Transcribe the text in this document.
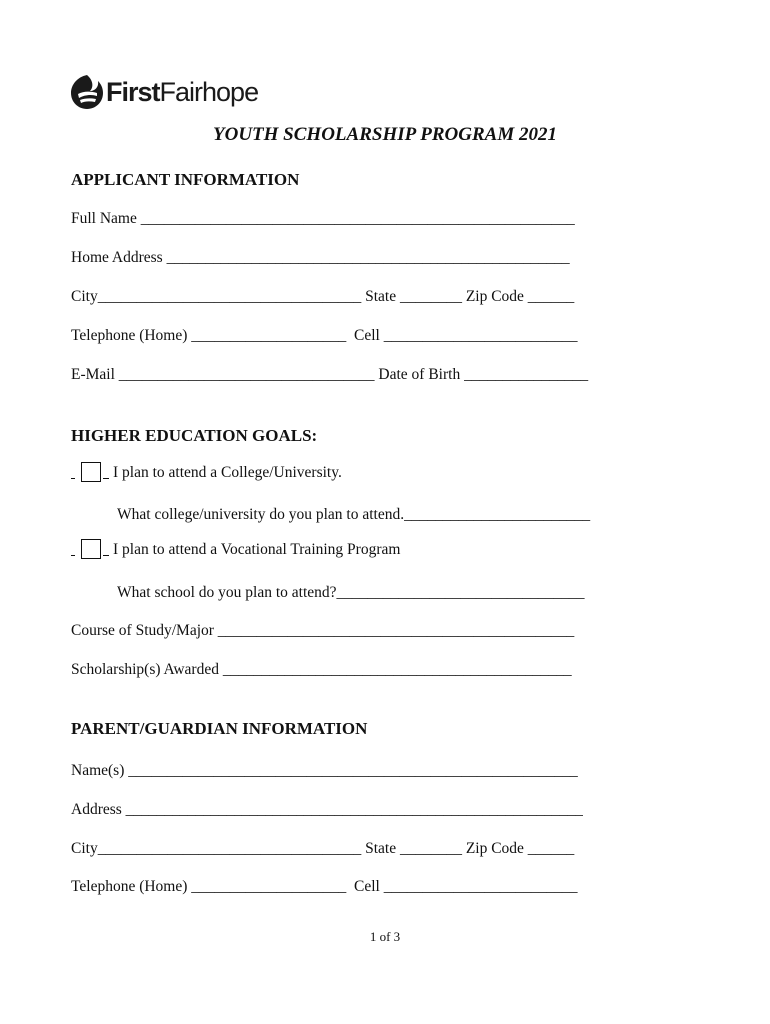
FirstFairhope
YOUTH SCHOLARSHIP PROGRAM 2021
APPLICANT INFORMATION
Full Name ________________________________________________________
Home Address ____________________________________________________
City__________________________________ State ________ Zip Code ______
Telephone (Home) ____________________  Cell _________________________
E-Mail _________________________________ Date of Birth ________________
HIGHER EDUCATION GOALS:
I plan to attend a College/University.
What college/university do you plan to attend.________________________
I plan to attend a Vocational Training Program
What school do you plan to attend?________________________________
Course of Study/Major ______________________________________________
Scholarship(s) Awarded _____________________________________________
PARENT/GUARDIAN INFORMATION
Name(s) __________________________________________________________
Address ___________________________________________________________
City__________________________________ State ________ Zip Code ______
Telephone (Home) ____________________  Cell _________________________
1 of 3
